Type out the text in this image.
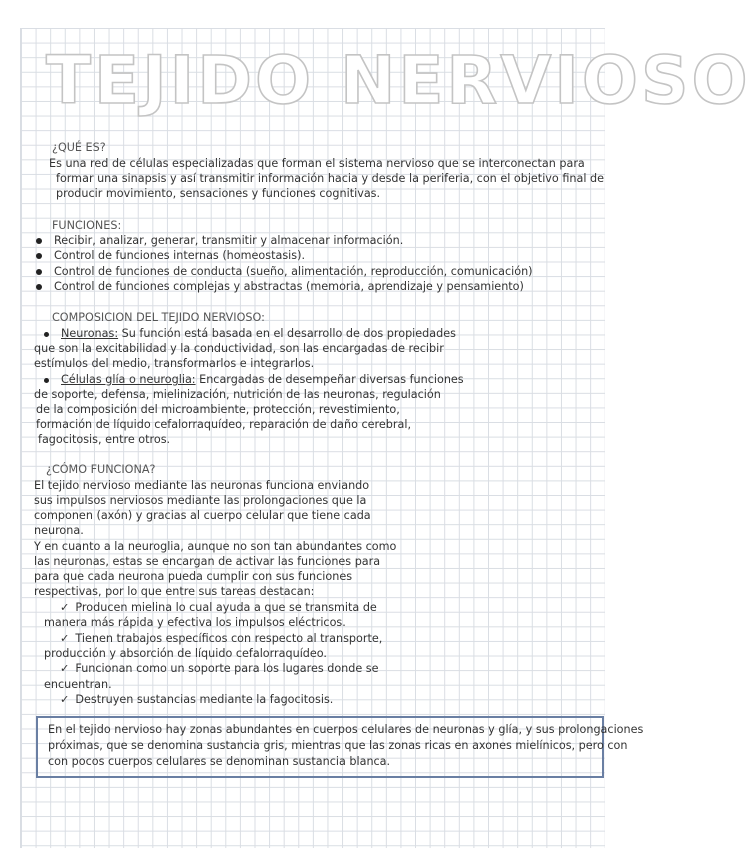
TEJIDO NERVIOSO
¿QUÉ ES?
Es una red de células especializadas que forman el sistema nervioso que se interconectan para
formar una sinapsis y así transmitir información hacia y desde la periferia, con el objetivo final de
producir movimiento, sensaciones y funciones cognitivas.
FUNCIONES:
Recibir, analizar, generar, transmitir y almacenar información.
Control de funciones internas (homeostasis).
Control de funciones de conducta (sueño, alimentación, reproducción, comunicación)
Control de funciones complejas y abstractas (memoria, aprendizaje y pensamiento)
COMPOSICION DEL TEJIDO NERVIOSO:
Neuronas: Su función está basada en el desarrollo de dos propiedades
que son la excitabilidad y la conductividad, son las encargadas de recibir
estímulos del medio, transformarlos e integrarlos.
Células glía o neuroglia: Encargadas de desempeñar diversas funciones
de soporte, defensa, mielinización, nutrición de las neuronas, regulación
de la composición del microambiente, protección, revestimiento,
formación de líquido cefalorraquídeo, reparación de daño cerebral,
fagocitosis, entre otros.
¿CÓMO FUNCIONA?
El tejido nervioso mediante las neuronas funciona enviando
sus impulsos nerviosos mediante las prolongaciones que la
componen (axón) y gracias al cuerpo celular que tiene cada
neurona.
Y en cuanto a la neuroglia, aunque no son tan abundantes como
las neuronas, estas se encargan de activar las funciones para
para que cada neurona pueda cumplir con sus funciones
respectivas, por lo que entre sus tareas destacan:
✓ Producen mielina lo cual ayuda a que se transmita de
manera más rápida y efectiva los impulsos eléctricos.
✓ Tienen trabajos específicos con respecto al transporte,
producción y absorción de líquido cefalorraquídeo.
✓ Funcionan como un soporte para los lugares donde se
encuentran.
✓ Destruyen sustancias mediante la fagocitosis.
En el tejido nervioso hay zonas abundantes en cuerpos celulares de neuronas y glía, y sus prolongaciones
próximas, que se denomina sustancia gris, mientras que las zonas ricas en axones mielínicos, pero con
con pocos cuerpos celulares se denominan sustancia blanca.
